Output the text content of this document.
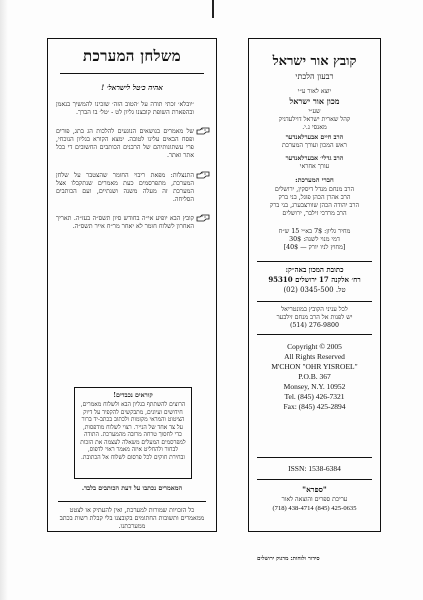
משלחן המערכת
אהיה כ׳טל לישראל׳ !
׳יובלא׳ זכתי תודה על ׳הטוב הזה׳ שזכינו להמשיך בנאמן ובהפארת השופת קובצנו גליון לט - ׳טל׳ בו הברך.
של מאמרים בנושאים הנוגעים להלכות הג בתג, פורים ופסח הבאים עלינו לטובה. ימצא הקורא בגליון הנוכחי, פרי עשתונותיהם של הרבנים הכותבים החשובים די בכל אתר ואתר.
התנצלות: מפאת ריבוי החומר שהצטבר על שלחן המערכת, מתפרסמים כעת מאמרים שנתקבלו אצל המערכת זה מעלה משנה ושנתיים, ועם הכותבים הסליחה.
קובץ הבא יופיע אי״ה בחודש סיון תשס״ה בעז״ה. תאריך האחרון לשלוח חומר לא יאחר מר״ח אייר תשס״ה.
קוראים נכבדים!
הרוצים להשתתף בגליון הבא ולשלוח מאמרים, חידושים ועיונים, מתבקשים להקפיד על דיוק הציטוט והמראי מקומות ולכתוב בכתב-יד ברור על צד אחד של הנייר. רצוי לשלוח מודפסות, כדי לחסוך טרחה מרובה מהמערכת. התודה למפרסמים המעלים משאלה לעצמה את הזכות לבחור ולהחליט איזה מאמר ראוי לדפוס, ובחירת חוקים לכל פרסום לשלוח אל הכתובת.
המאמרים נכתבו על דעת הכותבים בלבד.
כל הזכויות שמורות למערכת, ואין להעתיק או לצטט ממאמרים ותשובות החתומים בקובצנו בלי קבלת רשות בכתב ממערכתנו.
קובץ אור ישראל
רבעון הלכתי
יוצא לאור ע״י
מכון אור ישראל
שע״י
קהל שארית ישראל דוילעדניק
מאנסי נ.י.
הרב חיים אבערלאנדער
ראש המכון ועורך המערכת
הרב גדלי׳ אבערלאנדער
עורך אחראי
חברי המערכת:
הרב מנחם מנדל דיסקין, ירושלים
הרב אהרן הכהן פוגל, בני ברק
הרב יהודה הכהן שוורצבערג, בני ברק
הרב מרדכי זילבר, ירושלים
מחיר גליון: 7$ בא״י 15 ש״ח
דמי מנוי לשנה: 30$
[מחוץ לניו יורק — 40$]
כתובת המכון באה״ק:
רח׳ אלקנה 17 ירושלים 95310
טל. 0345-500 (02)
לכל עניני הקובץ במונטריאל
יש לפנות אל הרב מנחם זילבער
(514) 276-9800
Copyright © 2005
All Rights Reserved
M'CHON "OHR YISROEL"
P.O.B. 367
Monsey, N.Y. 10952
Tel. (845) 426-7321
Fax: (845) 425-2894
ISSN: 1538-6384
"ספרא"
עריכת ספרים והוצאה לאור
(718) 438-4714 (845) 425-0635
סידור ולוחות: מרגוק ירושלים
